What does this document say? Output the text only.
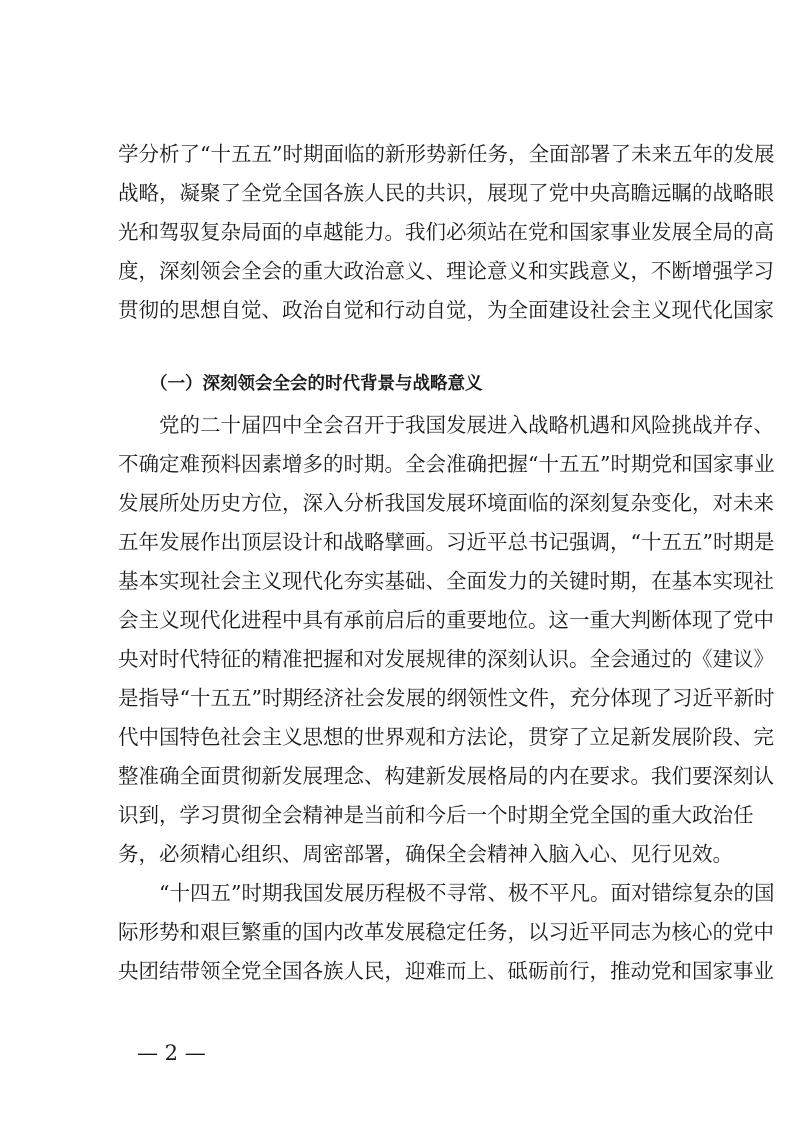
学分析了“十五五”时期面临的新形势新任务，全面部署了未来五年的发展
战略，凝聚了全党全国各族人民的共识，展现了党中央高瞻远瞩的战略眼
光和驾驭复杂局面的卓越能力。我们必须站在党和国家事业发展全局的高
度，深刻领会全会的重大政治意义、理论意义和实践意义，不断增强学习
贯彻的思想自觉、政治自觉和行动自觉，为全面建设社会主义现代化国家
（一）深刻领会全会的时代背景与战略意义
　　党的二十届四中全会召开于我国发展进入战略机遇和风险挑战并存、
不确定难预料因素增多的时期。全会准确把握“十五五”时期党和国家事业
发展所处历史方位，深入分析我国发展环境面临的深刻复杂变化，对未来
五年发展作出顶层设计和战略擘画。习近平总书记强调，“十五五”时期是
基本实现社会主义现代化夯实基础、全面发力的关键时期，在基本实现社
会主义现代化进程中具有承前启后的重要地位。这一重大判断体现了党中
央对时代特征的精准把握和对发展规律的深刻认识。全会通过的《建议》
是指导“十五五”时期经济社会发展的纲领性文件，充分体现了习近平新时
代中国特色社会主义思想的世界观和方法论，贯穿了立足新发展阶段、完
整准确全面贯彻新发展理念、构建新发展格局的内在要求。我们要深刻认
识到，学习贯彻全会精神是当前和今后一个时期全党全国的重大政治任
务，必须精心组织、周密部署，确保全会精神入脑入心、见行见效。
　　“十四五”时期我国发展历程极不寻常、极不平凡。面对错综复杂的国
际形势和艰巨繁重的国内改革发展稳定任务，以习近平同志为核心的党中
央团结带领全党全国各族人民，迎难而上、砥砺前行，推动党和国家事业
— 2 —
